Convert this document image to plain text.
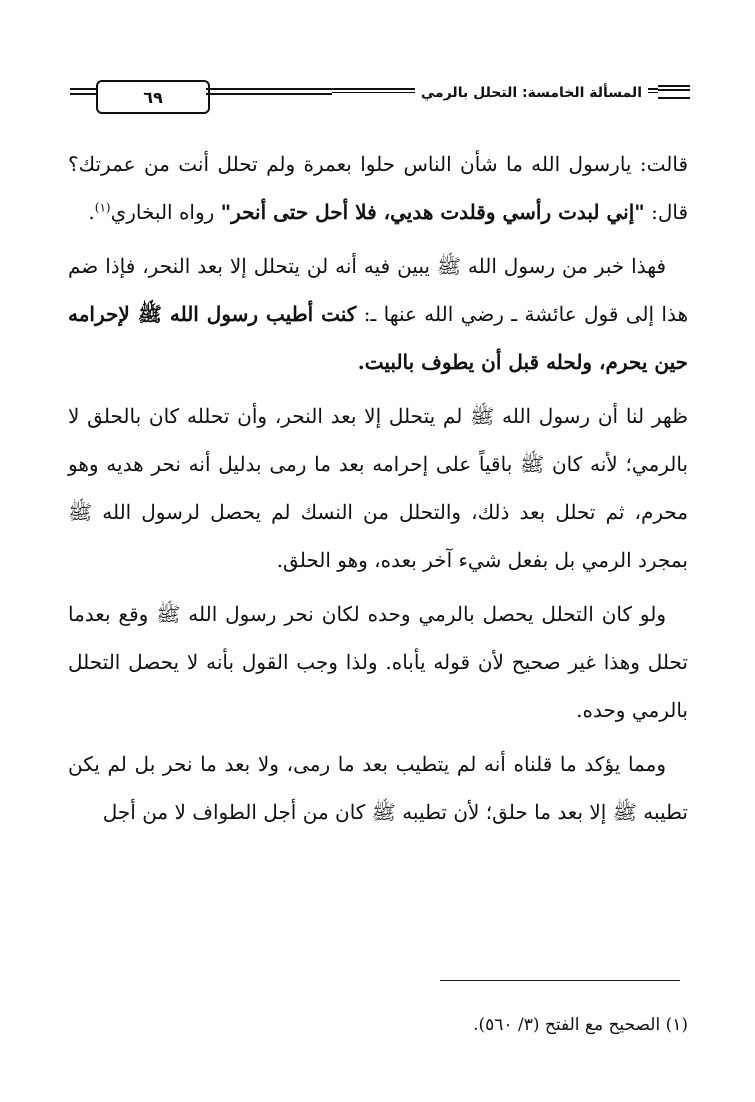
٦٩	المسألة الخامسة: التحلل بالرمي

قالت: يارسول الله ما شأن الناس حلوا بعمرة ولم تحلل أنت من عمرتك؟ قال: "إني لبدت رأسي وقلدت هديي، فلا أحل حتى أنحر" رواه البخاري$^{(١)}$.

فهذا خبر من رسول الله ﷺ يبين فيه أنه لن يتحلل إلا بعد النحر، فإذا ضم هذا إلى قول عائشة ـ رضي الله عنها ـ: كنت أطيب رسول الله ﷺ لإحرامه حين يحرم، ولحله قبل أن يطوف بالبيت.

ظهر لنا أن رسول الله ﷺ لم يتحلل إلا بعد النحر، وأن تحلله كان بالحلق لا بالرمي؛ لأنه كان ﷺ باقياً على إحرامه بعد ما رمى بدليل أنه نحر هديه وهو محرم، ثم تحلل بعد ذلك، والتحلل من النسك لم يحصل لرسول الله ﷺ بمجرد الرمي بل بفعل شيء آخر بعده، وهو الحلق.

ولو كان التحلل يحصل بالرمي وحده لكان نحر رسول الله ﷺ وقع بعدما تحلل وهذا غير صحيح لأن قوله يأباه. ولذا وجب القول بأنه لا يحصل التحلل بالرمي وحده.

ومما يؤكد ما قلناه أنه لم يتطيب بعد ما رمى، ولا بعد ما نحر بل لم يكن تطيبه ﷺ إلا بعد ما حلق؛ لأن تطيبه ﷺ كان من أجل الطواف لا من أجل

(١) الصحيح مع الفتح (٣/ ٥٦٠).
